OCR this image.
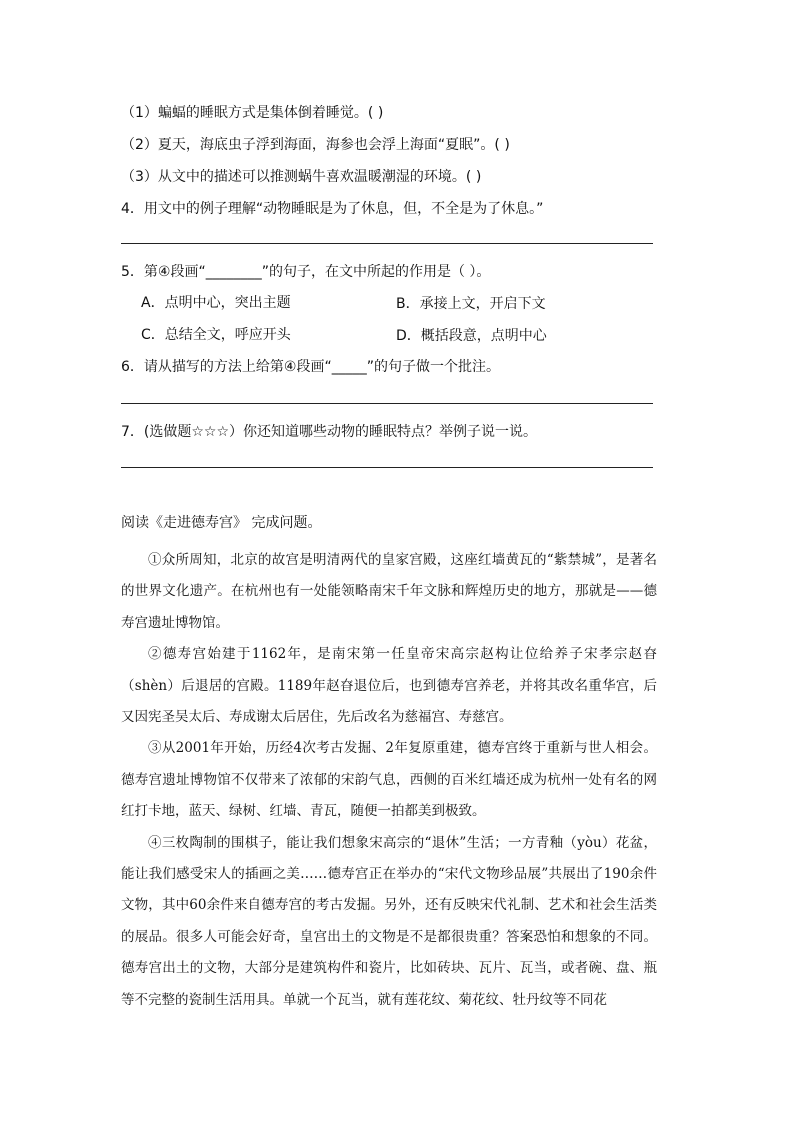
（1）蝙蝠的睡眠方式是集体倒着睡觉。( )
（2）夏天，海底虫子浮到海面，海参也会浮上海面“夏眠”。( )
（3）从文中的描述可以推测蜗牛喜欢温暖潮湿的环境。( )
4．用文中的例子理解“动物睡眠是为了休息，但，不全是为了休息。”
5．第④段画“________”的句子，在文中所起的作用是（ ）。
A．点明中心，突出主题	B．承接上文，开启下文
C．总结全文，呼应开头	D．概括段意，点明中心
6．请从描写的方法上给第④段画“_____”的句子做一个批注。
7．(选做题☆☆☆）你还知道哪些动物的睡眠特点？举例子说一说。
阅读《走进德寿宫》 完成问题。

①众所周知，北京的故宫是明清两代的皇家宫殿，这座红墙黄瓦的“紫禁城”，是著名的世界文化遗产。在杭州也有一处能领略南宋千年文脉和辉煌历史的地方，那就是——德寿宫遗址博物馆。

②德寿宫始建于1162年，是南宋第一任皇帝宋高宗赵构让位给养子宋孝宗赵昚（shèn）后退居的宫殿。1189年赵昚退位后，也到德寿宫养老，并将其改名重华宫，后又因宪圣吴太后、寿成谢太后居住，先后改名为慈福宫、寿慈宫。

③从2001年开始，历经4次考古发掘、2年复原重建，德寿宫终于重新与世人相会。德寿宫遗址博物馆不仅带来了浓郁的宋韵气息，西侧的百米红墙还成为杭州一处有名的网红打卡地，蓝天、绿树、红墙、青瓦，随便一拍都美到极致。

④三枚陶制的围棋子，能让我们想象宋高宗的“退休”生活；一方青釉（yòu）花盆，能让我们感受宋人的插画之美……德寿宫正在举办的“宋代文物珍品展”共展出了190余件文物，其中60余件来自德寿宫的考古发掘。另外，还有反映宋代礼制、艺术和社会生活类的展品。很多人可能会好奇，皇宫出土的文物是不是都很贵重？答案恐怕和想象的不同。德寿宫出土的文物，大部分是建筑构件和瓷片，比如砖块、瓦片、瓦当，或者碗、盘、瓶等不完整的瓷制生活用具。单就一个瓦当，就有莲花纹、菊花纹、牡丹纹等不同花
